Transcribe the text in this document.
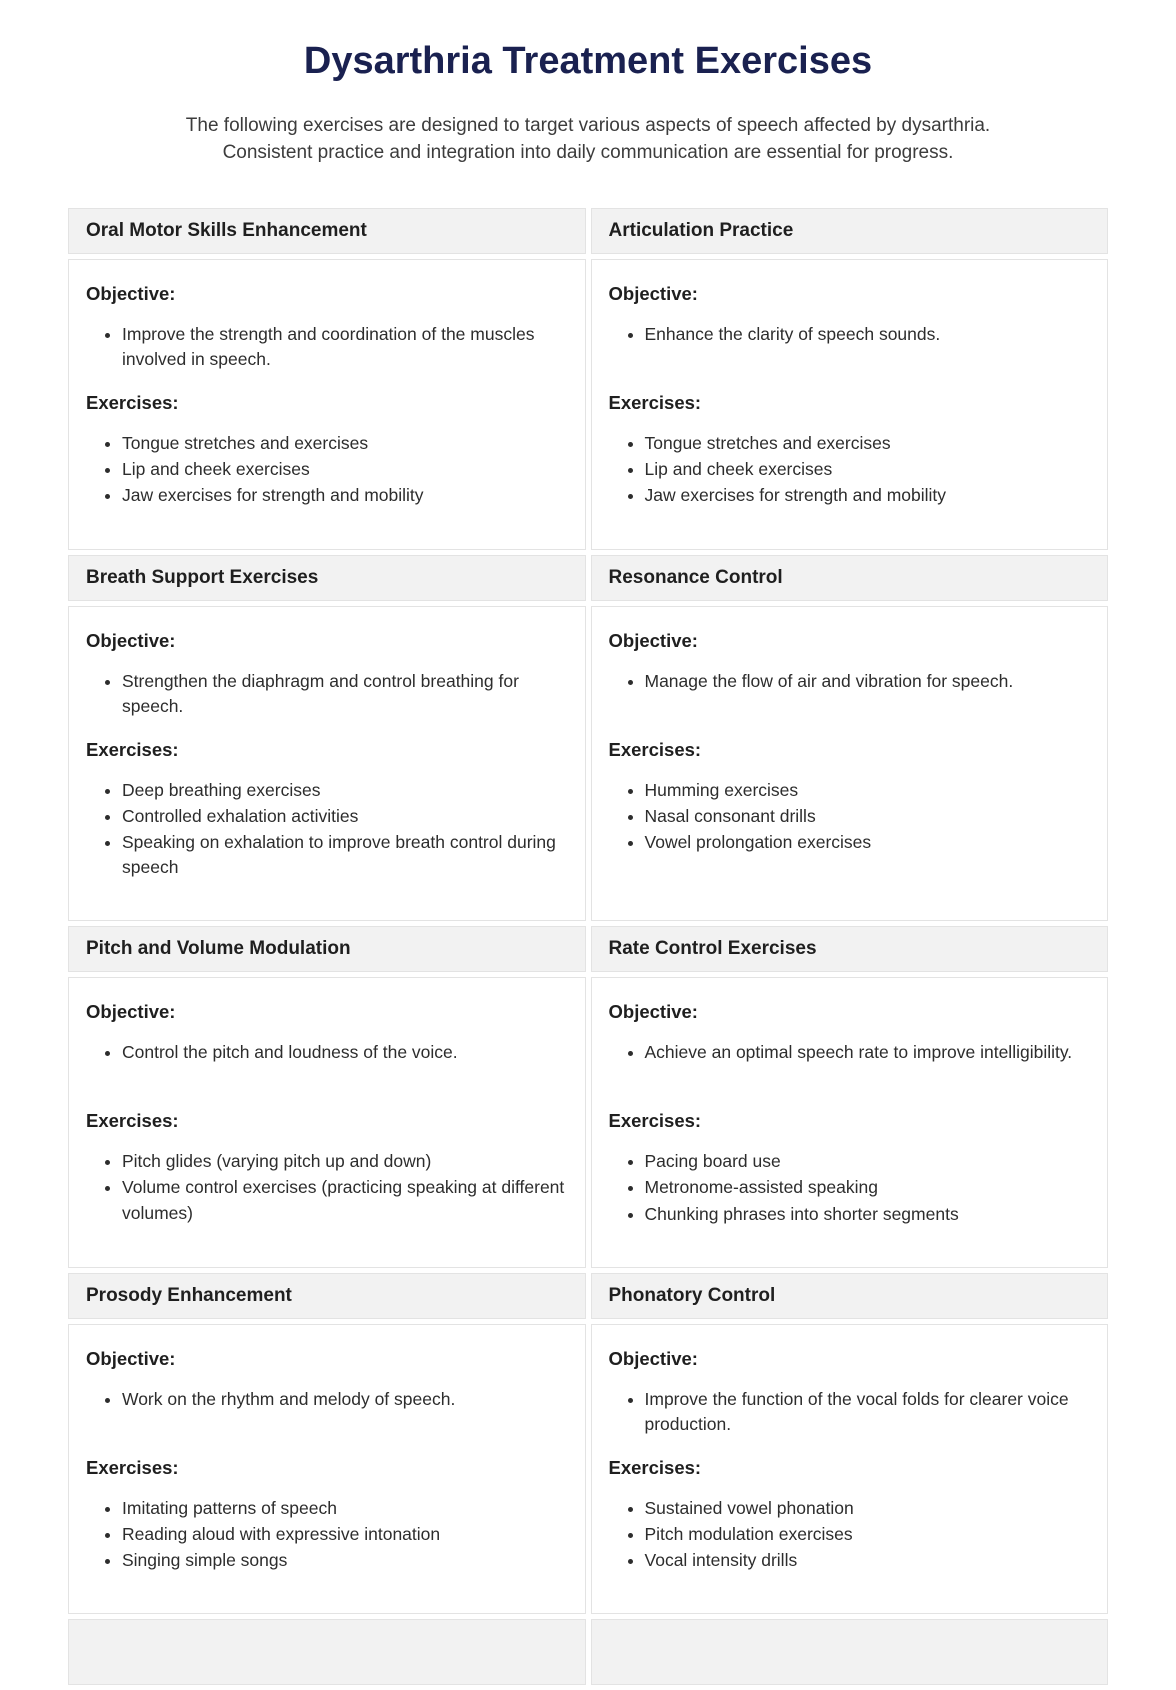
Dysarthria Treatment Exercises

The following exercises are designed to target various aspects of speech affected by dysarthria.
Consistent practice and integration into daily communication are essential for progress.

Oral Motor Skills Enhancement	Articulation Practice

Objective:

• Improve the strength and coordination of the muscles involved in speech.

Exercises:

• Tongue stretches and exercises
• Lip and cheek exercises
• Jaw exercises for strength and mobility

Objective:

• Enhance the clarity of speech sounds.

Exercises:

• Tongue stretches and exercises
• Lip and cheek exercises
• Jaw exercises for strength and mobility

Breath Support Exercises	Resonance Control

Objective:

• Strengthen the diaphragm and control breathing for speech.

Exercises:

• Deep breathing exercises
• Controlled exhalation activities
• Speaking on exhalation to improve breath control during speech

Objective:

• Manage the flow of air and vibration for speech.

Exercises:

• Humming exercises
• Nasal consonant drills
• Vowel prolongation exercises

Pitch and Volume Modulation	Rate Control Exercises

Objective:

• Control the pitch and loudness of the voice.

Exercises:

• Pitch glides (varying pitch up and down)
• Volume control exercises (practicing speaking at different volumes)

Objective:

• Achieve an optimal speech rate to improve intelligibility.

Exercises:

• Pacing board use
• Metronome-assisted speaking
• Chunking phrases into shorter segments

Prosody Enhancement	Phonatory Control

Objective:

• Work on the rhythm and melody of speech.

Exercises:

• Imitating patterns of speech
• Reading aloud with expressive intonation
• Singing simple songs

Objective:

• Improve the function of the vocal folds for clearer voice production.

Exercises:

• Sustained vowel phonation
• Pitch modulation exercises
• Vocal intensity drills
